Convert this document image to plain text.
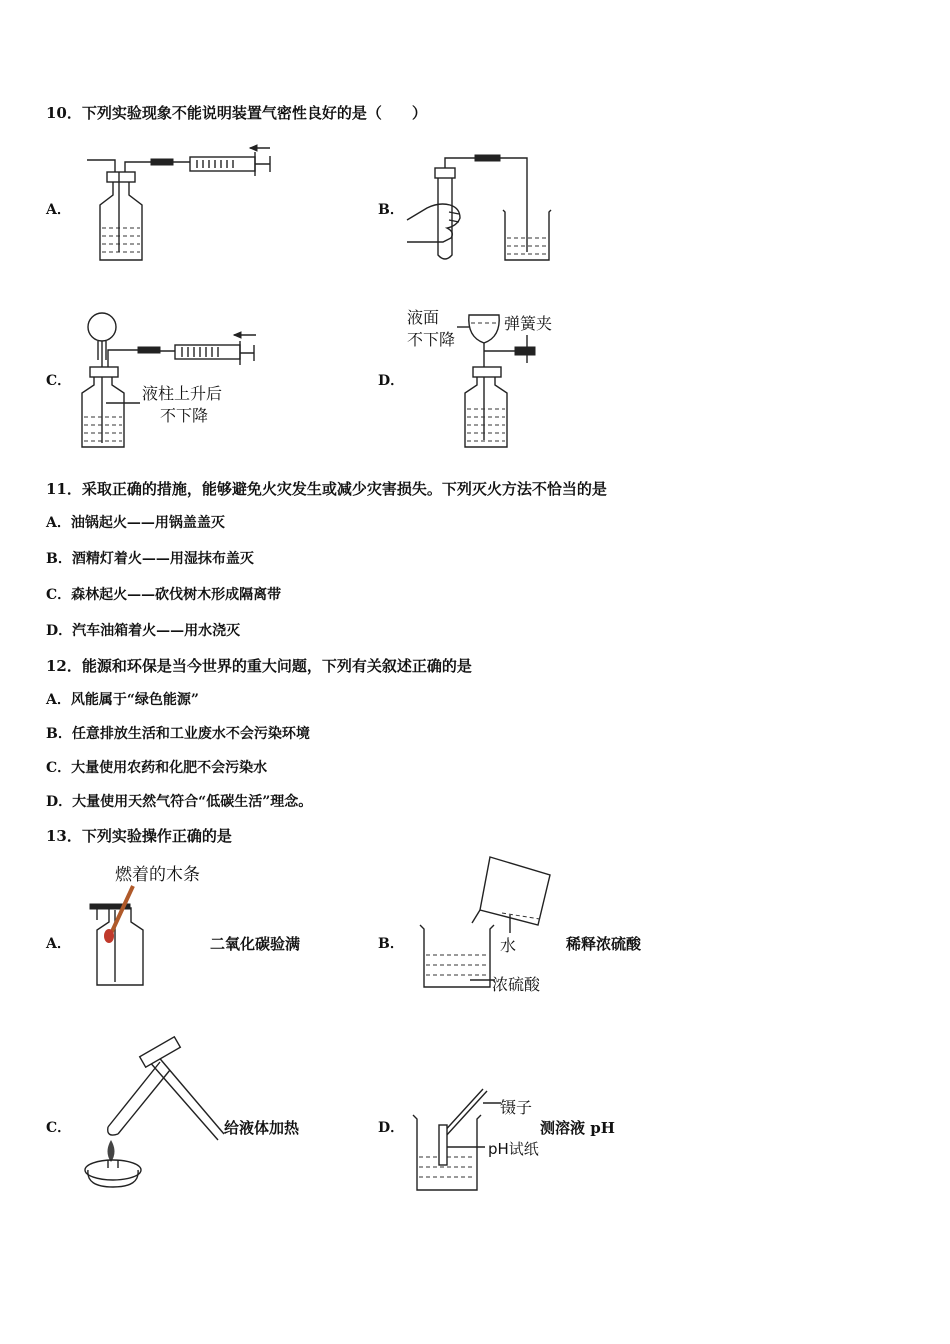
10．下列实验现象不能说明装置气密性良好的是（　　）
A．	B．
C．
液柱上升后
不下降
D．
液面
不下降
弹簧夹
11．采取正确的措施，能够避免火灾发生或减少灾害损失。下列灭火方法不恰当的是
A．油锅起火——用锅盖盖灭
B．酒精灯着火——用湿抹布盖灭
C．森林起火——砍伐树木形成隔离带
D．汽车油箱着火——用水浇灭
12．能源和环保是当今世界的重大问题，下列有关叙述正确的是
A．风能属于“绿色能源”
B．任意排放生活和工业废水不会污染环境
C．大量使用农药和化肥不会污染水
D．大量使用天然气符合“低碳生活”理念。
13．下列实验操作正确的是
A．
燃着的木条
二氧化碳验满	B．	水
浓硫酸
稀释浓硫酸
C．	给液体加热	D．
镊子
pH试纸
测溶液 pH
